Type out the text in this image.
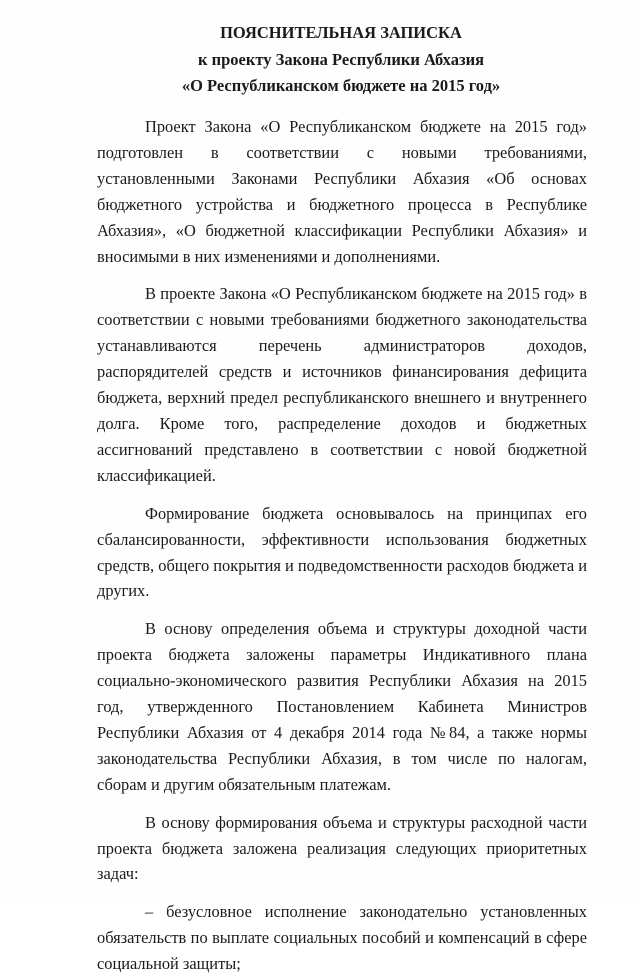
ПОЯСНИТЕЛЬНАЯ ЗАПИСКА
к проекту Закона Республики Абхазия
«О Республиканском бюджете на 2015 год»

Проект Закона «О Республиканском бюджете на 2015 год» подготовлен в соответствии с новыми требованиями, установленными Законами Республики Абхазия «Об основах бюджетного устройства и бюджетного процесса в Республике Абхазия», «О бюджетной классификации Республики Абхазия» и вносимыми в них изменениями и дополнениями.

В проекте Закона «О Республиканском бюджете на 2015 год» в соответствии с новыми требованиями бюджетного законодательства устанавливаются перечень администраторов доходов, распорядителей средств и источников финансирования дефицита бюджета, верхний предел республиканского внешнего и внутреннего долга. Кроме того, распределение доходов и бюджетных ассигнований представлено в соответствии с новой бюджетной классификацией.

Формирование бюджета основывалось на принципах его сбалансированности, эффективности использования бюджетных средств, общего покрытия и подведомственности расходов бюджета и других.

В основу определения объема и структуры доходной части проекта бюджета заложены параметры Индикативного плана социально-экономического развития Республики Абхазия на 2015 год, утвержденного Постановлением Кабинета Министров Республики Абхазия от 4 декабря 2014 года №84, а также нормы законодательства Республики Абхазия, в том числе по налогам, сборам и другим обязательным платежам.

В основу формирования объема и структуры расходной части проекта бюджета заложена реализация следующих приоритетных задач:

– безусловное исполнение законодательно установленных обязательств по выплате социальных пособий и компенсаций в сфере социальной защиты;
